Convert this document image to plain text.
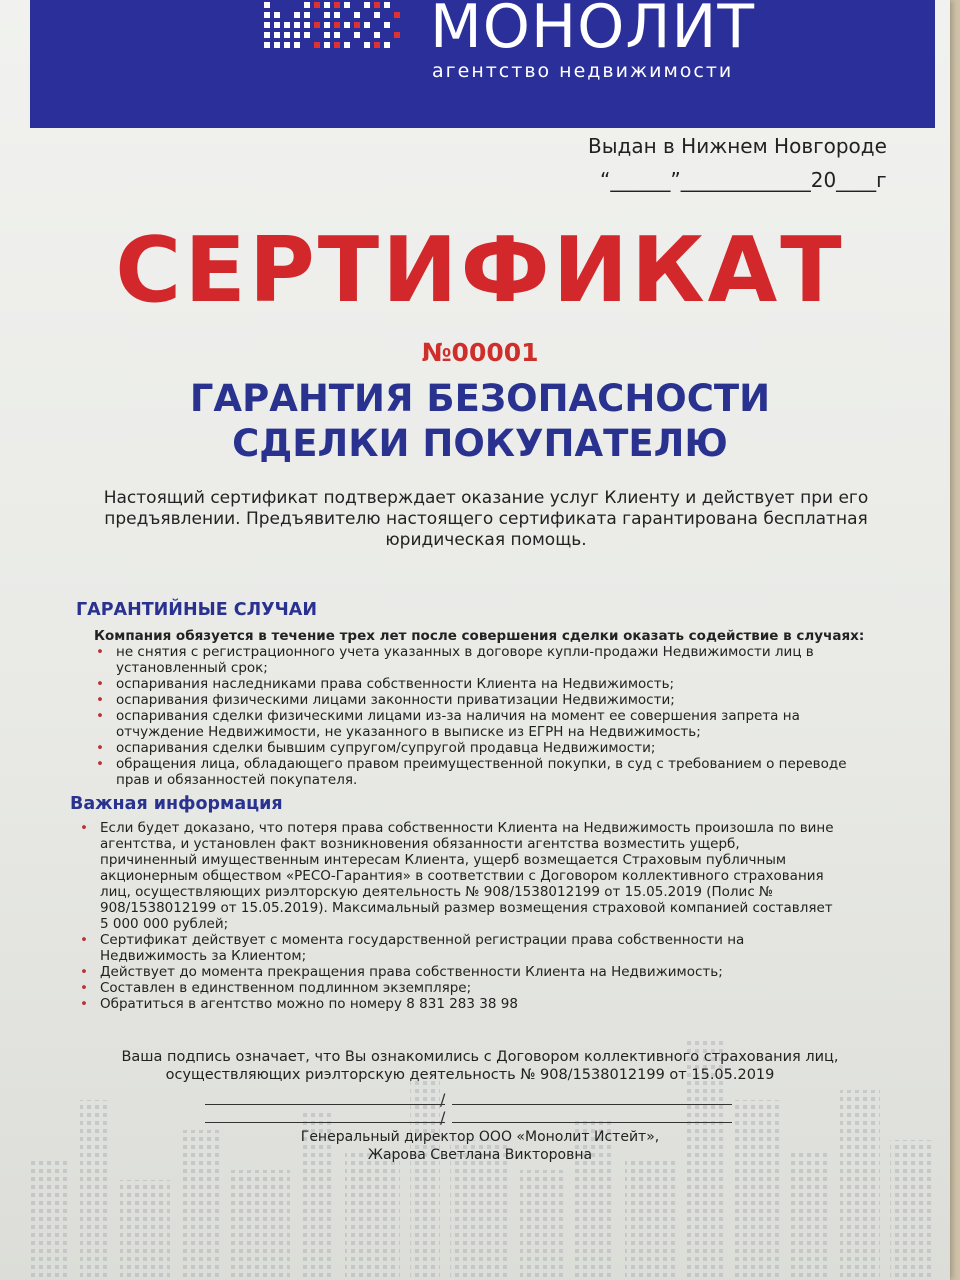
МОНОЛИТ
агентство недвижимости
Выдан в Нижнем Новгороде
“______”_____________20____г
СЕРТИФИКАТ
№00001
ГАРАНТИЯ БЕЗОПАСНОСТИ
СДЕЛКИ ПОКУПАТЕЛЮ
Настоящий сертификат подтверждает оказание услуг Клиенту и действует при его предъявлении. Предъявителю настоящего сертификата гарантирована бесплатная юридическая помощь.
ГАРАНТИЙНЫЕ СЛУЧАИ
Компания обязуется в течение трех лет после совершения сделки оказать содействие в случаях:
• не снятия с регистрационного учета указанных в договоре купли-продажи Недвижимости лиц в установленный срок;
• оспаривания наследниками права собственности Клиента на Недвижимость;
• оспаривания физическими лицами законности приватизации Недвижимости;
• оспаривания сделки физическими лицами из-за наличия на момент ее совершения запрета на отчуждение Недвижимости, не указанного в выписке из ЕГРН на Недвижимость;
• оспаривания сделки бывшим супругом/супругой продавца Недвижимости;
• обращения лица, обладающего правом преимущественной покупки, в суд с требованием о переводе прав и обязанностей покупателя.
Важная информация
• Если будет доказано, что потеря права собственности Клиента на Недвижимость произошла по вине агентства, и установлен факт возникновения обязанности агентства возместить ущерб, причиненный имущественным интересам Клиента, ущерб возмещается Страховым публичным акционерным обществом «РЕСО-Гарантия» в соответствии с Договором коллективного страхования лиц, осуществляющих риэлторскую деятельность № 908/1538012199 от 15.05.2019 (Полис № 908/1538012199 от 15.05.2019). Максимальный размер возмещения страховой компанией составляет 5 000 000 рублей;
• Сертификат действует с момента государственной регистрации права собственности на Недвижимость за Клиентом;
• Действует до момента прекращения права собственности Клиента на Недвижимость;
• Составлен в единственном подлинном экземпляре;
• Обратиться в агентство можно по номеру 8 831 283 38 98
Ваша подпись означает, что Вы ознакомились с Договором коллективного страхования лиц,
осуществляющих риэлторскую деятельность № 908/1538012199 от 15.05.2019
/
/
Генеральный директор ООО «Монолит Истейт»,
Жарова Светлана Викторовна
